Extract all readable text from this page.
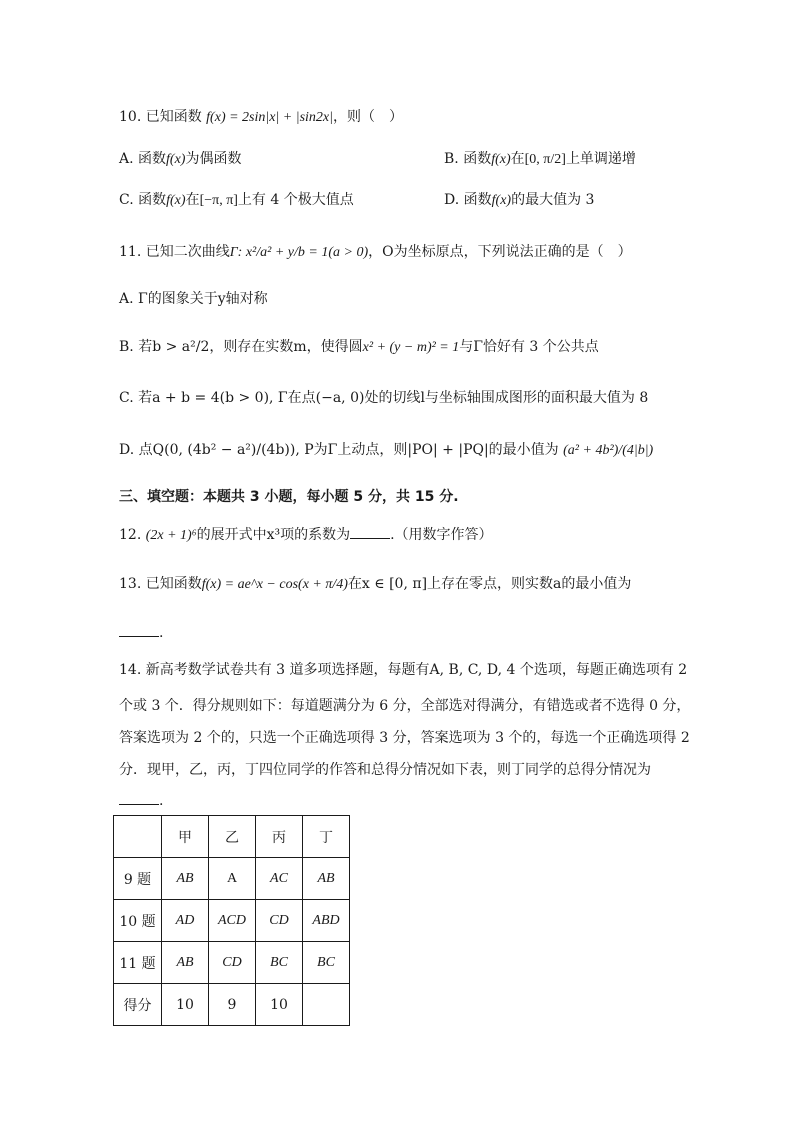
10. 已知函数 f(x) = 2sin|x| + |sin2x|，则（　）
A. 函数f(x)为偶函数	B. 函数f(x)在[0, π/2]上单调递增
C. 函数f(x)在[−π, π]上有 4 个极大值点	D. 函数f(x)的最大值为 3
11. 已知二次曲线Γ: x²/a² + y/b = 1(a > 0)，O为坐标原点，下列说法正确的是（　）
A. Γ的图象关于y轴对称
B. 若b > a²/2，则存在实数m，使得圆x² + (y − m)² = 1与Γ恰好有 3 个公共点
C. 若a + b = 4(b > 0), Γ在点(−a, 0)处的切线l与坐标轴围成图形的面积最大值为 8
D. 点Q(0, (4b² − a²)/(4b)), P为Γ上动点，则|PO| + |PQ|的最小值为 (a² + 4b²)/(4|b|)
三、填空题：本题共 3 小题，每小题 5 分，共 15 分.
12. (2x + 1)⁶的展开式中x³项的系数为	.（用数字作答）
13. 已知函数f(x) = ae^x − cos(x + π/4)在x ∈ [0, π]上存在零点，则实数a的最小值为
.
14. 新高考数学试卷共有 3 道多项选择题，每题有A, B, C, D, 4 个选项，每题正确选项有 2
个或 3 个．得分规则如下：每道题满分为 6 分，全部选对得满分，有错选或者不选得 0 分，
答案选项为 2 个的，只选一个正确选项得 3 分，答案选项为 3 个的，每选一个正确选项得 2
分．现甲，乙，丙，丁四位同学的作答和总得分情况如下表，则丁同学的总得分情况为
.
	甲	乙	丙	丁
9 题	AB	A	AC	AB
10 题	AD	ACD	CD	ABD
11 题	AB	CD	BC	BC
得分	10	9	10	
